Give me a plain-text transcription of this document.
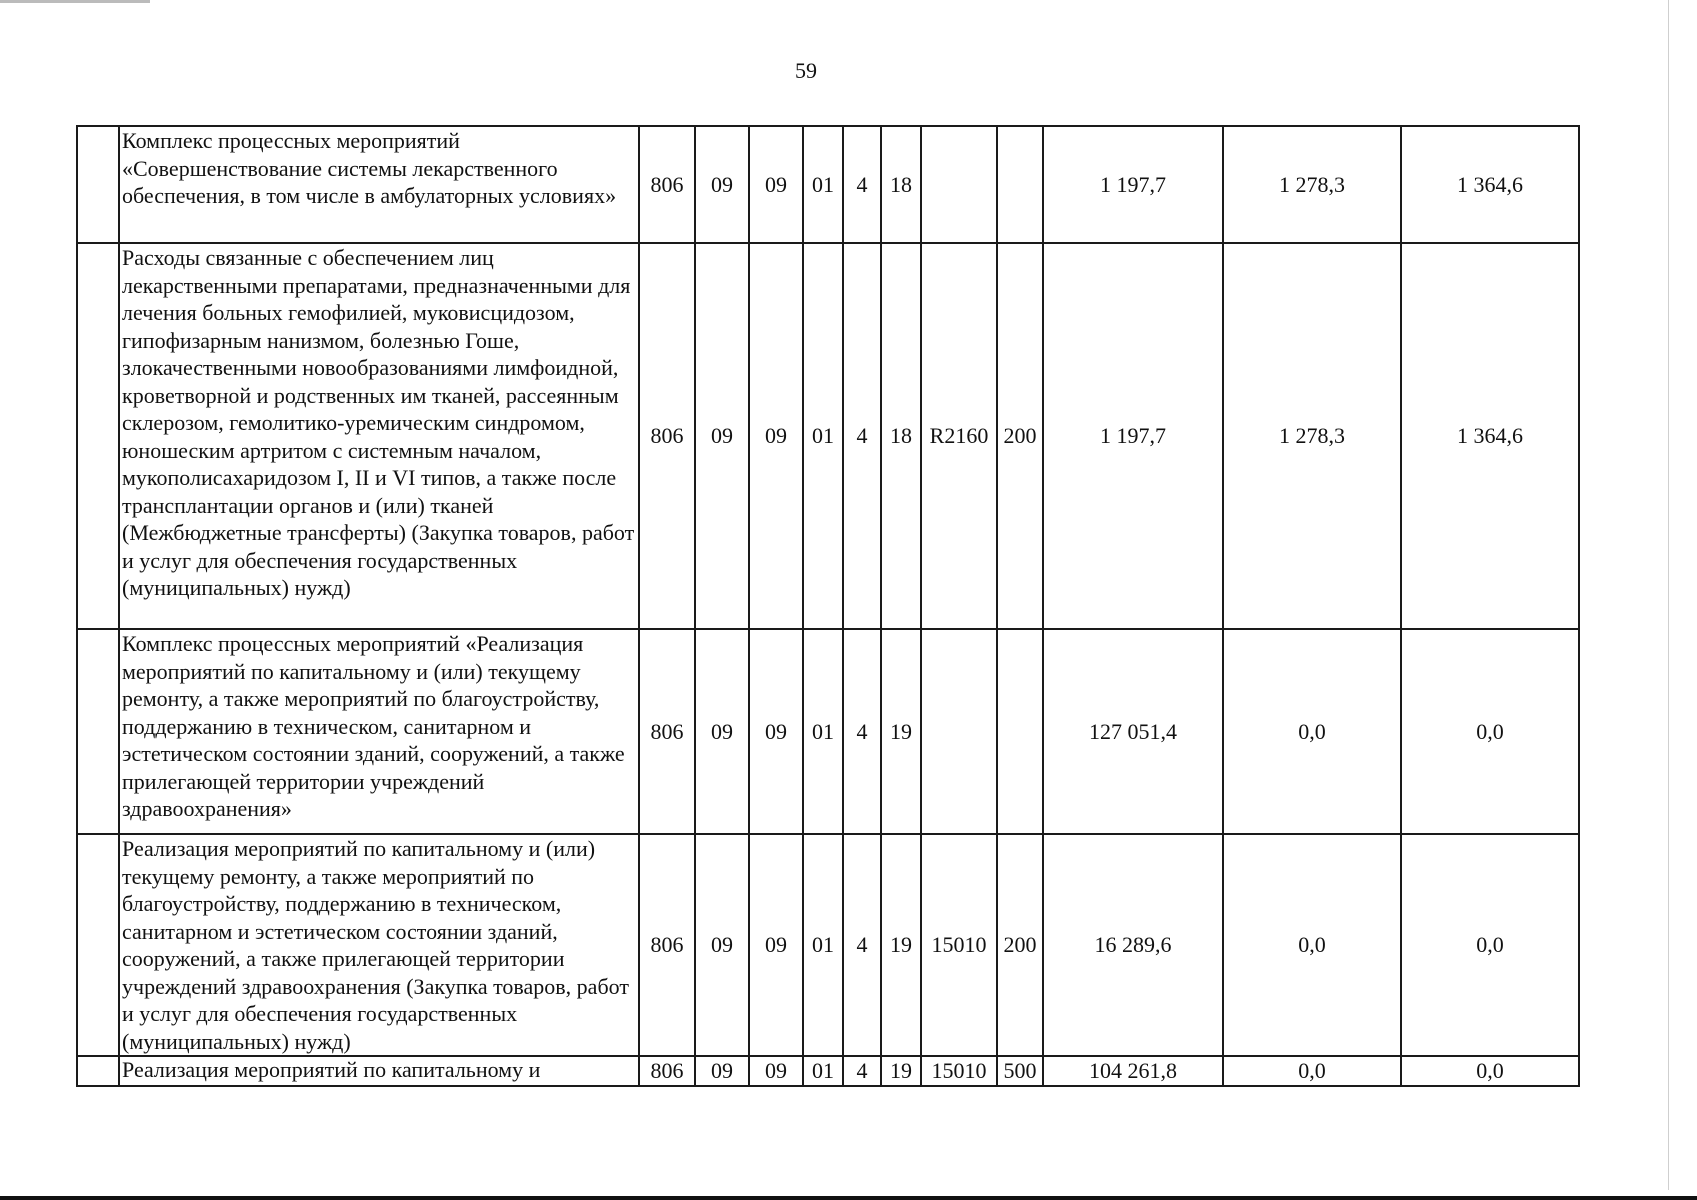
59
	Комплекс процессных мероприятий «Совершенствование системы лекарственного обеспечения, в том числе в амбулаторных условиях»	806	09	09	01	4	18			1 197,7	1 278,3	1 364,6
	Расходы связанные с обеспечением лиц лекарственными препаратами, предназначенными для лечения больных гемофилией, муковисцидозом, гипофизарным нанизмом, болезнью Гоше, злокачественными новообразованиями лимфоидной, кроветворной и родственных им тканей, рассеянным склерозом, гемолитико-уремическим синдромом, юношеским артритом с системным началом, мукополисахаридозом I, II и VI типов, а также после трансплантации органов и (или) тканей (Межбюджетные трансферты) (Закупка товаров, работ и услуг для обеспечения государственных (муниципальных) нужд)	806	09	09	01	4	18	R2160	200	1 197,7	1 278,3	1 364,6
	Комплекс процессных мероприятий «Реализация мероприятий по капитальному и (или) текущему ремонту, а также мероприятий по благоустройству, поддержанию в техническом, санитарном и эстетическом состоянии зданий, сооружений, а также прилегающей территории учреждений здравоохранения»	806	09	09	01	4	19			127 051,4	0,0	0,0
	Реализация мероприятий по капитальному и (или) текущему ремонту, а также мероприятий по благоустройству, поддержанию в техническом, санитарном и эстетическом состоянии зданий, сооружений, а также прилегающей территории учреждений здравоохранения (Закупка товаров, работ и услуг для обеспечения государственных (муниципальных) нужд)	806	09	09	01	4	19	15010	200	16 289,6	0,0	0,0
	Реализация мероприятий по капитальному и	806	09	09	01	4	19	15010	500	104 261,8	0,0	0,0
